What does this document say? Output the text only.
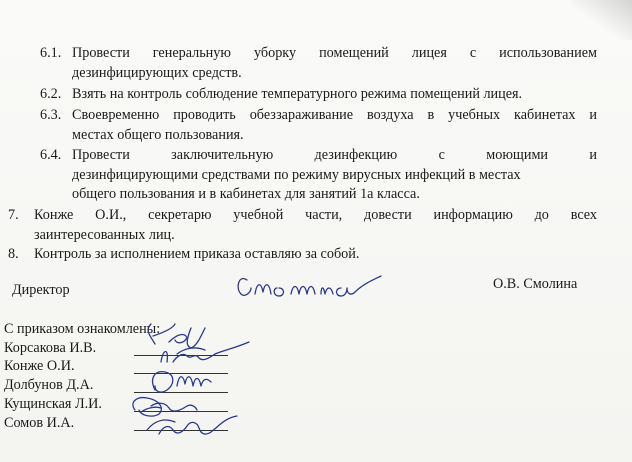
6.1. Провести генеральную уборку помещений лицея с использованием
дезинфицирующих средств.
6.2. Взять на контроль соблюдение температурного режима помещений лицея.
6.3. Своевременно проводить обеззараживание воздуха в учебных кабинетах и
местах общего пользования.
6.4. Провести заключительную дезинфекцию с моющими и
дезинфицирующими средствами по режиму вирусных инфекций в местах
общего пользования и в кабинетах для занятий 1а класса.
7. Конже О.И., секретарю учебной части, довести информацию до всех
заинтересованных лиц.
8. Контроль за исполнением приказа оставляю за собой.
Директор	О.В. Смолина
С приказом ознакомлены:
Корсакова И.В.
Конже О.И.
Долбунов Д.А.
Кущинская Л.И.
Сомов И.А.
